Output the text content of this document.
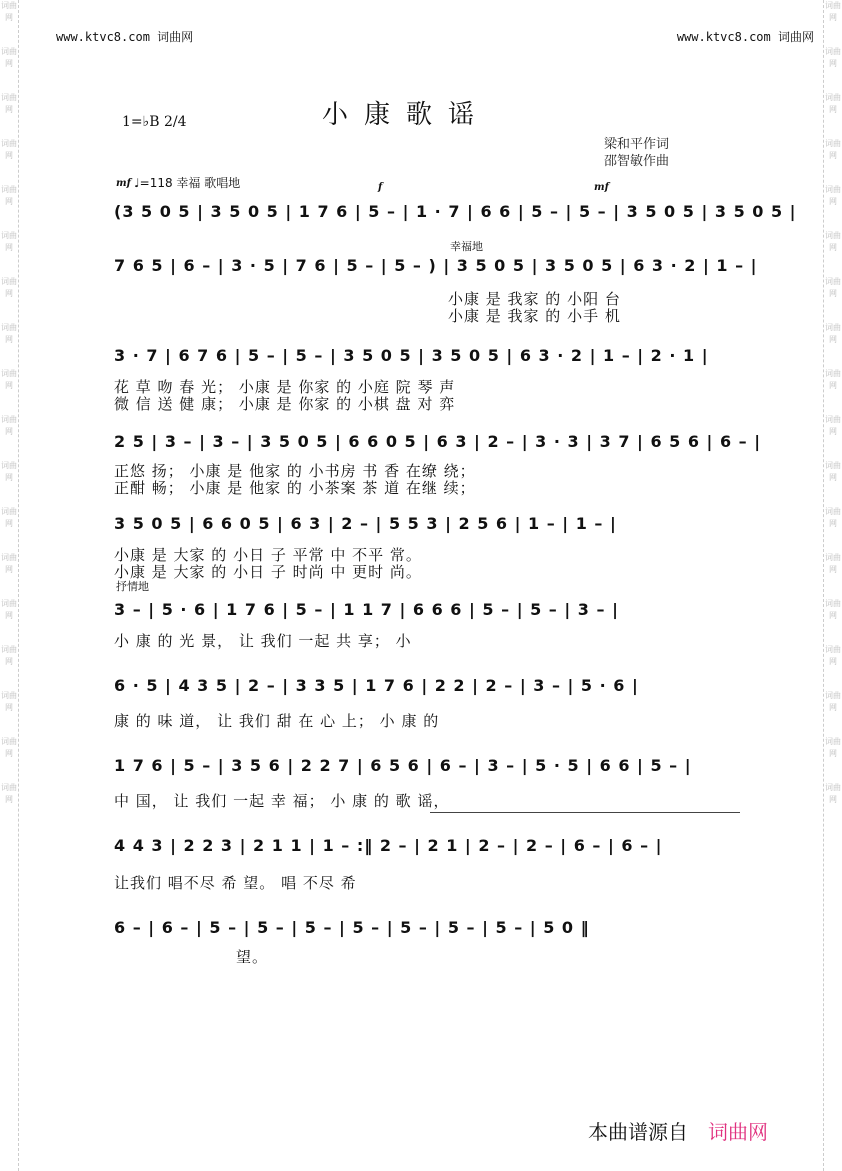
词曲网
词曲网
词曲网
词曲网
词曲网
词曲网
词曲网
词曲网
词曲网
词曲网
词曲网
词曲网
词曲网
词曲网
词曲网
词曲网
词曲网
词曲网
词曲网
词曲网
词曲网
词曲网
词曲网
词曲网
词曲网
词曲网
词曲网
词曲网
词曲网
词曲网
词曲网
词曲网
词曲网
词曲网
词曲网
词曲网
www.ktvc8.com 词曲网	www.ktvc8.com 词曲网
小康歌谣
1=♭B 2/4
梁和平作词
邵智敏作曲
mf ♩=118 幸福 歌唱地	f	mf
幸福地
抒情地
(3 5 0 5 | 3 5 0 5 | 1 7 6 | 5 – | 1 · 7 | 6 6 | 5 – | 5 – | 3 5 0 5 | 3 5 0 5 |
7 6 5 | 6 – | 3 · 5 | 7 6 | 5 – | 5 – ) | 3 5 0 5 | 3 5 0 5 | 6 3 · 2 | 1 – |
小康 是 我家 的 小阳 台
小康 是 我家 的 小手 机
3 · 7 | 6 7 6 | 5 – | 5 – | 3 5 0 5 | 3 5 0 5 | 6 3 · 2 | 1 – | 2 · 1 |
花 草 吻 春 光； 小康 是 你家 的 小庭 院 琴 声
微 信 送 健 康； 小康 是 你家 的 小棋 盘 对 弈
2 5 | 3 – | 3 – | 3 5 0 5 | 6 6 0 5 | 6 3 | 2 – | 3 · 3 | 3 7 | 6 5 6 | 6 – |
正悠 扬； 小康 是 他家 的 小书房 书 香 在缭 绕；
正酣 畅； 小康 是 他家 的 小茶案 茶 道 在继 续；
3 5 0 5 | 6 6 0 5 | 6 3 | 2 – | 5 5 3 | 2 5 6 | 1 – | 1 – |
小康 是 大家 的 小日 子 平常 中 不平 常。
小康 是 大家 的 小日 子 时尚 中 更时 尚。
3 – | 5 · 6 | 1 7 6 | 5 – | 1 1 7 | 6 6 6 | 5 – | 5 – | 3 – |
小 康 的 光 景， 让 我们 一起 共 享； 小
6 · 5 | 4 3 5 | 2 – | 3 3 5 | 1 7 6 | 2 2 | 2 – | 3 – | 5 · 6 |
康 的 味 道， 让 我们 甜 在 心 上； 小 康 的
1 7 6 | 5 – | 3 5 6 | 2 2 7 | 6 5 6 | 6 – | 3 – | 5 · 5 | 6 6 | 5 – |
中 国， 让 我们 一起 幸 福； 小 康 的 歌 谣，
4 4 3 | 2 2 3 | 2 1 1 | 1 – :‖ 2 – | 2 1 | 2 – | 2 – | 6 – | 6 – |
让我们 唱不尽 希 望。 唱 不尽 希
6 – | 6 – | 5 – | 5 – | 5 – | 5 – | 5 – | 5 – | 5 – | 5 0 ‖
望。
本曲谱源自 词曲网
